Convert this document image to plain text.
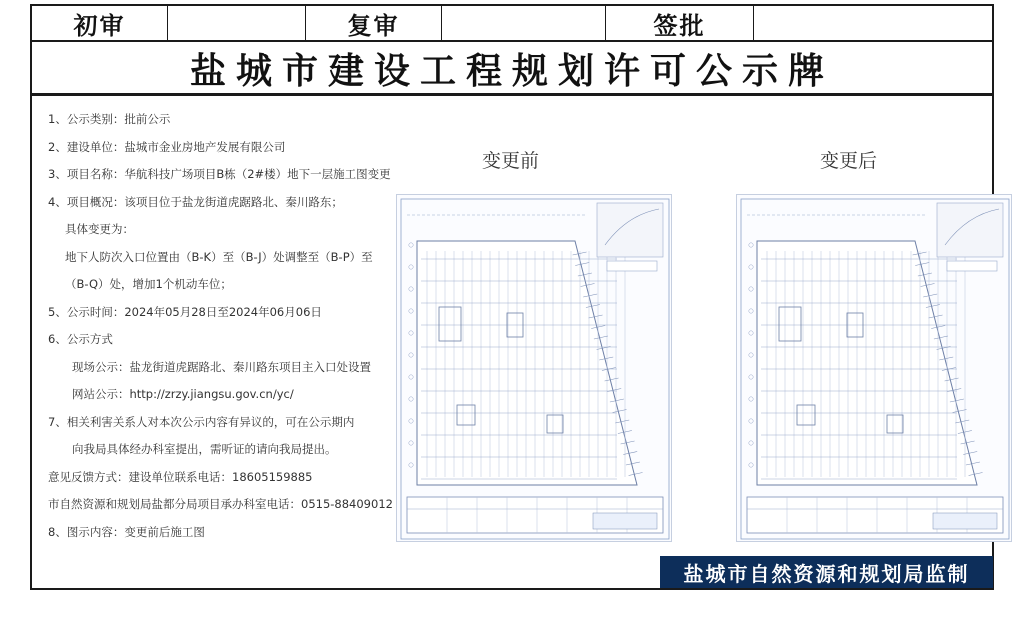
初审	复审	签批
盐城市建设工程规划许可公示牌
1、公示类别：批前公示
2、建设单位：盐城市金业房地产发展有限公司
3、项目名称：华航科技广场项目B栋（2#楼）地下一层施工图变更
4、项目概况：该项目位于盐龙街道虎踞路北、秦川路东；
具体变更为：
地下人防次入口位置由（B-K）至（B-J）处调整至（B-P）至
（B-Q）处，增加1个机动车位；
5、公示时间：2024年05月28日至2024年06月06日
6、公示方式
现场公示：盐龙街道虎踞路北、秦川路东项目主入口处设置
网站公示：http://zrzy.jiangsu.gov.cn/yc/
7、相关利害关系人对本次公示内容有异议的，可在公示期内
向我局具体经办科室提出，需听证的请向我局提出。
意见反馈方式：建设单位联系电话：18605159885
市自然资源和规划局盐都分局项目承办科室电话：0515-88409012
8、图示内容：变更前后施工图
变更前	变更后
盐城市自然资源和规划局监制
